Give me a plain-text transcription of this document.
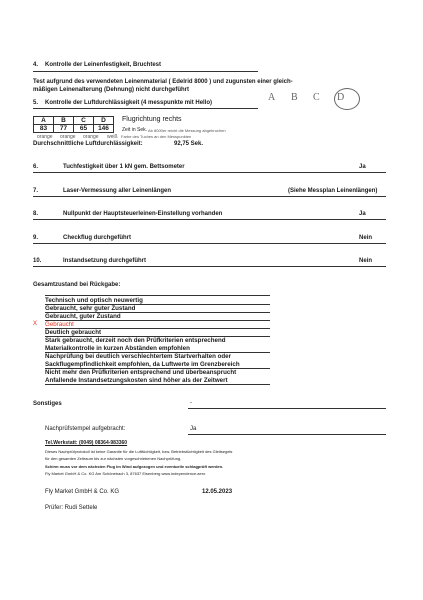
4. Kontrolle der Leinenfestigkeit, Bruchtest
Test aufgrund des verwendeten Leinenmaterial ( Edelrid 8000 ) und zugunsten einer gleich-
mäßigen Leinenalterung (Dehnung) nicht durchgeführt
A B C D
5. Kontrolle der Luftdurchlässigkeit (4 messpunkte mit Hello)
A	B	C	D
83	77	65	146
orange orange orange weiß
Flugrichtung rechts
Zeit in Sek. Ab 8000er reicht die Messung abgebrochen
Farbe des Tuches an den Messpunkten
Durchschnittliche Luftdurchlässigkeit:	92,75 Sek.
6.	Tuchfestigkeit über 1 kN gem. Bettsometer	Ja
7.	Laser-Vermessung aller Leinenlängen	(Siehe Messplan Leinenlängen)
8.	Nullpunkt der Hauptsteuerleinen-Einstellung vorhanden	Ja
9.	Checkflug durchgeführt	Nein
10.	Instandsetzung durchgeführt	Nein
Gesamtzustand bei Rückgabe:
Technisch und optisch neuwertig
Gebraucht, sehr guter Zustand
Gebraucht, guter Zustand
X Gebraucht
Deutlich gebraucht
Stark gebraucht, derzeit noch den Prüfkriterien entsprechend
Materialkontrolle in kurzen Abständen empfohlen
Nachprüfung bei deutlich verschlechtertem Startverhalten oder
Sackflugempfindlichkeit empfohlen, da Luftwerte im Grenzbereich
Nicht mehr den Prüfkriterien entsprechend und überbeansprucht
Anfallende Instandsetzungskosten sind höher als der Zeitwert
Sonstiges	-
Nachprüfstempel aufgebracht:	Ja
Tel.Werkstatt: (0049) 08364-983360
Dieses Nachprüfprotokoll ist keine Garantie für die Lufttüchtigkeit, bzw. Betriebstüchtigkeit des Gleitsegels
für den gesamten Zeitraum bis zur nächsten vorgeschriebenen Nachprüfung.
Schirm muss vor dem nächsten Flug im Wind aufgezogen und eventuelle schlagprüft werden.
Fly Market GmbH & Co. KG Am Schönebach 3, 87637 Eisenberg www.independence.aero
Fly Market GmbH & Co. KG	12.05.2023
Prüfer: Rudi Settele
